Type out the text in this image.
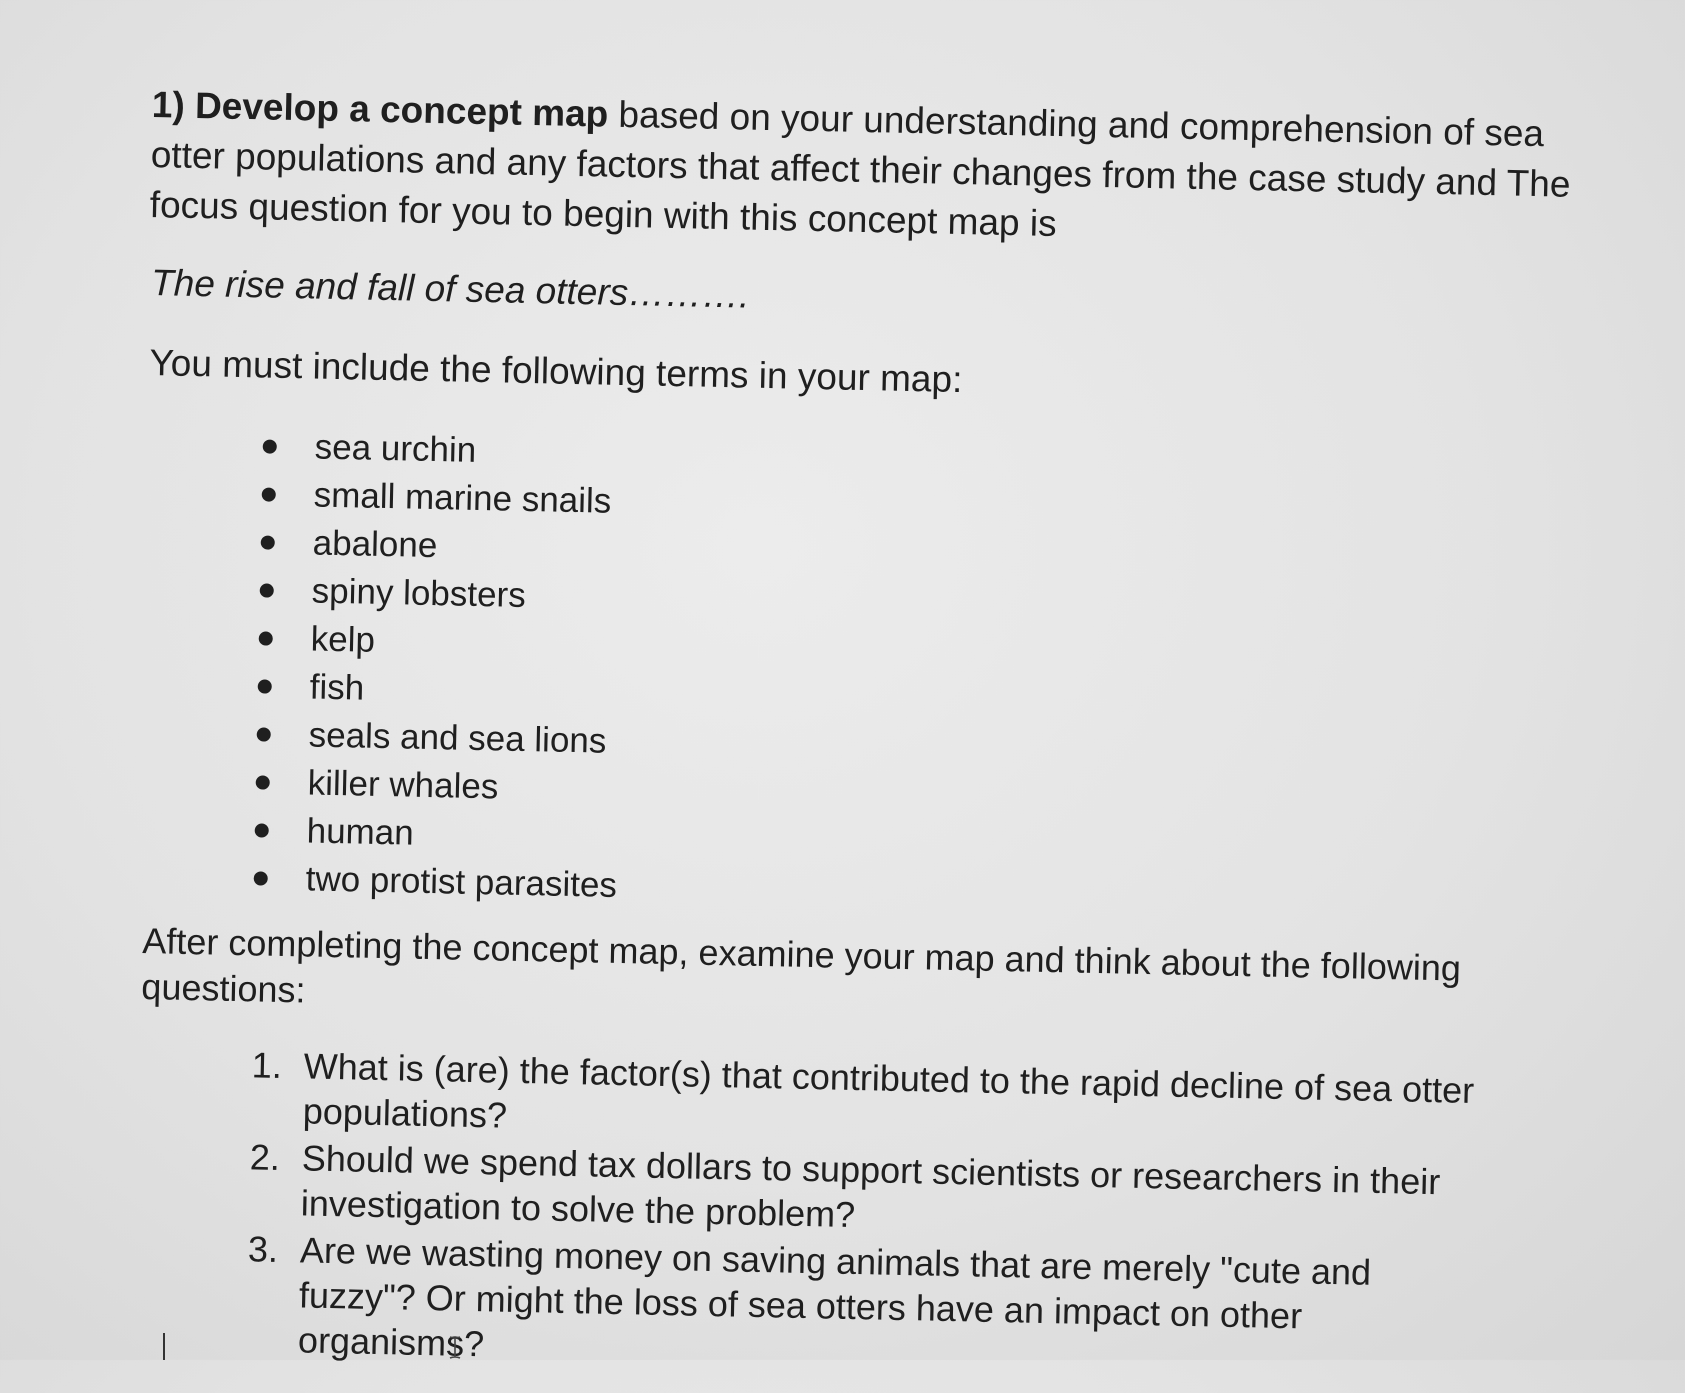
1) Develop a concept map based on your understanding and comprehension of sea otter populations and any factors that affect their changes from the case study and The focus question for you to begin with this concept map is

The rise and fall of sea otters……….

You must include the following terms in your map:

sea urchin
small marine snails
abalone
spiny lobsters
kelp
fish
seals and sea lions
killer whales
human
two protist parasites

After completing the concept map, examine your map and think about the following questions:

1. What is (are) the factor(s) that contributed to the rapid decline of sea otter populations?
2. Should we spend tax dollars to support scientists or researchers in their investigation to solve the problem?
3. Are we wasting money on saving animals that are merely "cute and fuzzy"? Or might the loss of sea otters have an impact on other organisms?
